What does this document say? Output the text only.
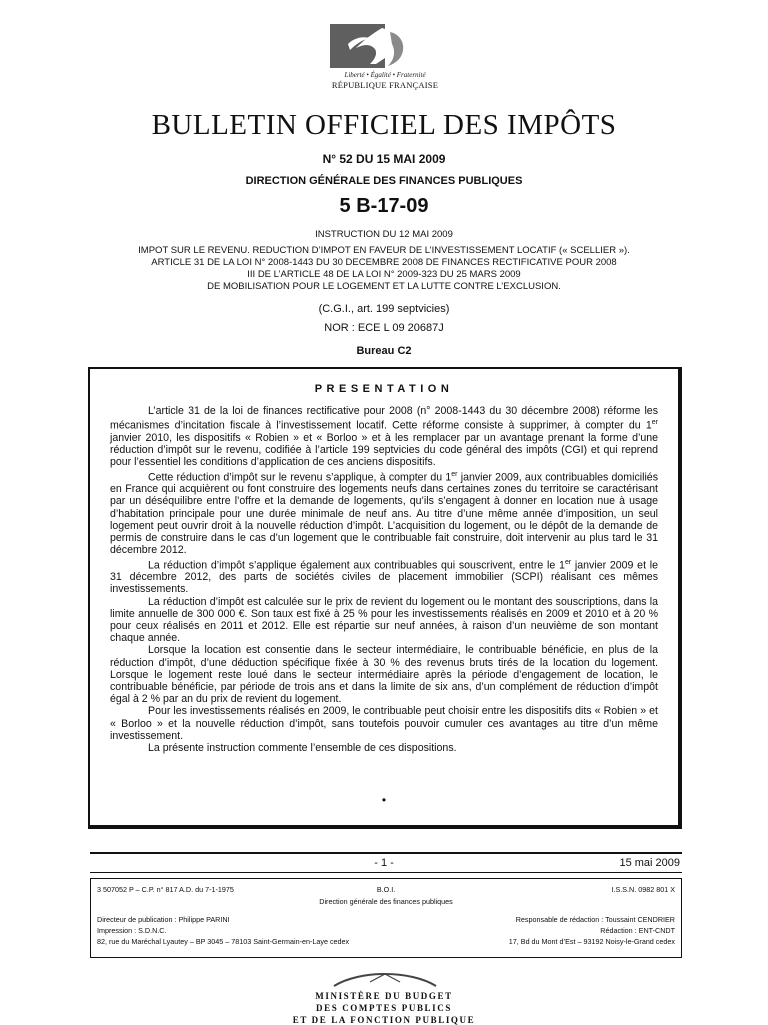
Liberté • Égalité • Fraternité
RÉPUBLIQUE FRANÇAISE
BULLETIN OFFICIEL DES IMPÔTS
N° 52 DU 15 MAI 2009
DIRECTION GÉNÉRALE DES FINANCES PUBLIQUES
5 B-17-09
INSTRUCTION DU 12 MAI 2009
IMPOT SUR LE REVENU. REDUCTION D’IMPOT EN FAVEUR DE L’INVESTISSEMENT LOCATIF (« SCELLIER »).
ARTICLE 31 DE LA LOI N° 2008-1443 DU 30 DECEMBRE 2008 DE FINANCES RECTIFICATIVE POUR 2008
III DE L’ARTICLE 48 DE LA LOI N° 2009-323 DU 25 MARS 2009
DE MOBILISATION POUR LE LOGEMENT ET LA LUTTE CONTRE L’EXCLUSION.
(C.G.I., art. 199 septvicies)
NOR : ECE L 09 20687J
Bureau C2
PRESENTATION

L’article 31 de la loi de finances rectificative pour 2008 (n° 2008-1443 du 30 décembre 2008) réforme les mécanismes d’incitation fiscale à l’investissement locatif. Cette réforme consiste à supprimer, à compter du 1er janvier 2010, les dispositifs « Robien » et « Borloo » et à les remplacer par un avantage prenant la forme d’une réduction d’impôt sur le revenu, codifiée à l’article 199 septvicies du code général des impôts (CGI) et qui reprend pour l’essentiel les conditions d’application de ces anciens dispositifs.

Cette réduction d’impôt sur le revenu s’applique, à compter du 1er janvier 2009, aux contribuables domiciliés en France qui acquièrent ou font construire des logements neufs dans certaines zones du territoire se caractérisant par un déséquilibre entre l’offre et la demande de logements, qu’ils s’engagent à donner en location nue à usage d’habitation principale pour une durée minimale de neuf ans. Au titre d’une même année d’imposition, un seul logement peut ouvrir droit à la nouvelle réduction d’impôt. L’acquisition du logement, ou le dépôt de la demande de permis de construire dans le cas d’un logement que le contribuable fait construire, doit intervenir au plus tard le 31 décembre 2012.

La réduction d’impôt s’applique également aux contribuables qui souscrivent, entre le 1er janvier 2009 et le 31 décembre 2012, des parts de sociétés civiles de placement immobilier (SCPI) réalisant ces mêmes investissements.

La réduction d’impôt est calculée sur le prix de revient du logement ou le montant des souscriptions, dans la limite annuelle de 300 000 €. Son taux est fixé à 25 % pour les investissements réalisés en 2009 et 2010 et à 20 % pour ceux réalisés en 2011 et 2012. Elle est répartie sur neuf années, à raison d’un neuvième de son montant chaque année.

Lorsque la location est consentie dans le secteur intermédiaire, le contribuable bénéficie, en plus de la réduction d’impôt, d’une déduction spécifique fixée à 30 % des revenus bruts tirés de la location du logement. Lorsque le logement reste loué dans le secteur intermédiaire après la période d’engagement de location, le contribuable bénéficie, par période de trois ans et dans la limite de six ans, d’un complément de réduction d’impôt égal à 2 % par an du prix de revient du logement.

Pour les investissements réalisés en 2009, le contribuable peut choisir entre les dispositifs dits « Robien » et « Borloo » et la nouvelle réduction d’impôt, sans toutefois pouvoir cumuler ces avantages au titre d’un même investissement.

La présente instruction commente l’ensemble de ces dispositions.

•
- 1 -	15 mai 2009
3 507052 P – C.P. n° 817 A.D. du 7-1-1975	B.O.I.	I.S.S.N. 0982 801 X
Direction générale des finances publiques
Directeur de publication : Philippe PARINI
Impression : S.D.N.C.
82, rue du Maréchal Lyautey – BP 3045 – 78103 Saint-Germain-en-Laye cedex
Responsable de rédaction : Toussaint CENDRIER
Rédaction : ENT-CNDT
17, Bd du Mont d’Est – 93192 Noisy-le-Grand cedex
MINISTÈRE DU BUDGET
DES COMPTES PUBLICS
ET DE LA FONCTION PUBLIQUE
